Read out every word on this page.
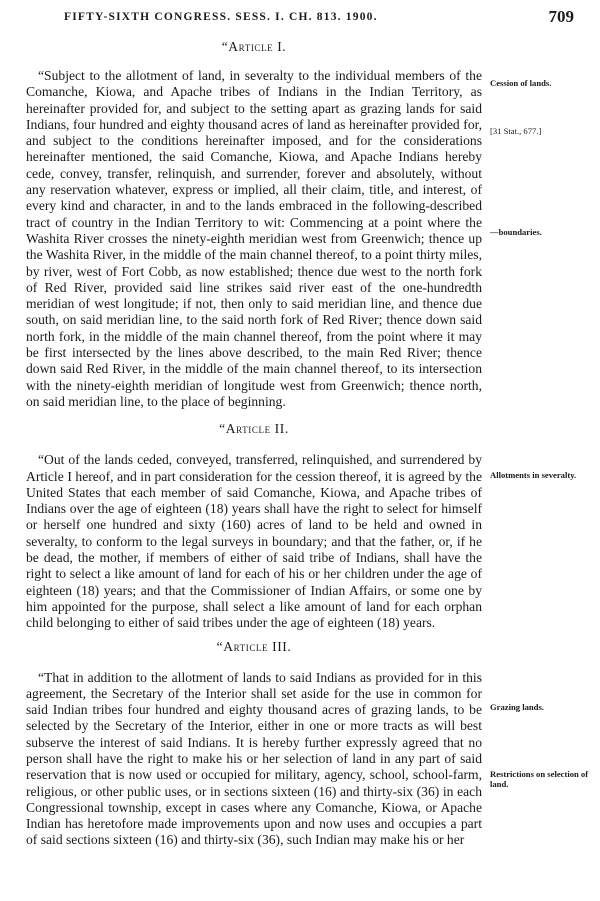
FIFTY-SIXTH CONGRESS. SESS. I. CH. 813. 1900.	709
“Article I.

“Subject to the allotment of land, in severalty to the individual members of the Comanche, Kiowa, and Apache tribes of Indians in the Indian Territory, as hereinafter provided for, and subject to the setting apart as grazing lands for said Indians, four hundred and eighty thousand acres of land as hereinafter provided for, and subject to the conditions hereinafter imposed, and for the considerations hereinafter mentioned, the said Comanche, Kiowa, and Apache Indians hereby cede, convey, transfer, relinquish, and surrender, forever and absolutely, without any reservation whatever, express or implied, all their claim, title, and interest, of every kind and character, in and to the lands embraced in the following-described tract of country in the Indian Territory to wit: Commencing at a point where the Washita River crosses the ninety-eighth meridian west from Greenwich; thence up the Washita River, in the middle of the main channel thereof, to a point thirty miles, by river, west of Fort Cobb, as now established; thence due west to the north fork of Red River, provided said line strikes said river east of the one-hundredth meridian of west longitude; if not, then only to said meridian line, and thence due south, on said meridian line, to the said north fork of Red River; thence down said north fork, in the middle of the main channel thereof, from the point where it may be first intersected by the lines above described, to the main Red River; thence down said Red River, in the middle of the main channel thereof, to its intersection with the ninety-eighth meridian of longitude west from Greenwich; thence north, on said meridian line, to the place of beginning.

“Article II.

“Out of the lands ceded, conveyed, transferred, relinquished, and surrendered by Article I hereof, and in part consideration for the cession thereof, it is agreed by the United States that each member of said Comanche, Kiowa, and Apache tribes of Indians over the age of eighteen (18) years shall have the right to select for himself or herself one hundred and sixty (160) acres of land to be held and owned in severalty, to conform to the legal surveys in boundary; and that the father, or, if he be dead, the mother, if members of either of said tribe of Indians, shall have the right to select a like amount of land for each of his or her children under the age of eighteen (18) years; and that the Commissioner of Indian Affairs, or some one by him appointed for the purpose, shall select a like amount of land for each orphan child belonging to either of said tribes under the age of eighteen (18) years.

“Article III.

“That in addition to the allotment of lands to said Indians as provided for in this agreement, the Secretary of the Interior shall set aside for the use in common for said Indian tribes four hundred and eighty thousand acres of grazing lands, to be selected by the Secretary of the Interior, either in one or more tracts as will best subserve the interest of said Indians. It is hereby further expressly agreed that no person shall have the right to make his or her selection of land in any part of said reservation that is now used or occupied for military, agency, school, school-farm, religious, or other public uses, or in sections sixteen (16) and thirty-six (36) in each Congressional township, except in cases where any Comanche, Kiowa, or Apache Indian has heretofore made improvements upon and now uses and occupies a part of said sections sixteen (16) and thirty-six (36), such Indian may make his or her

Cession of lands.
[31 Stat., 677.]
—boundaries.
Allotments in severalty.
Grazing lands.
Restrictions on selection of land.
